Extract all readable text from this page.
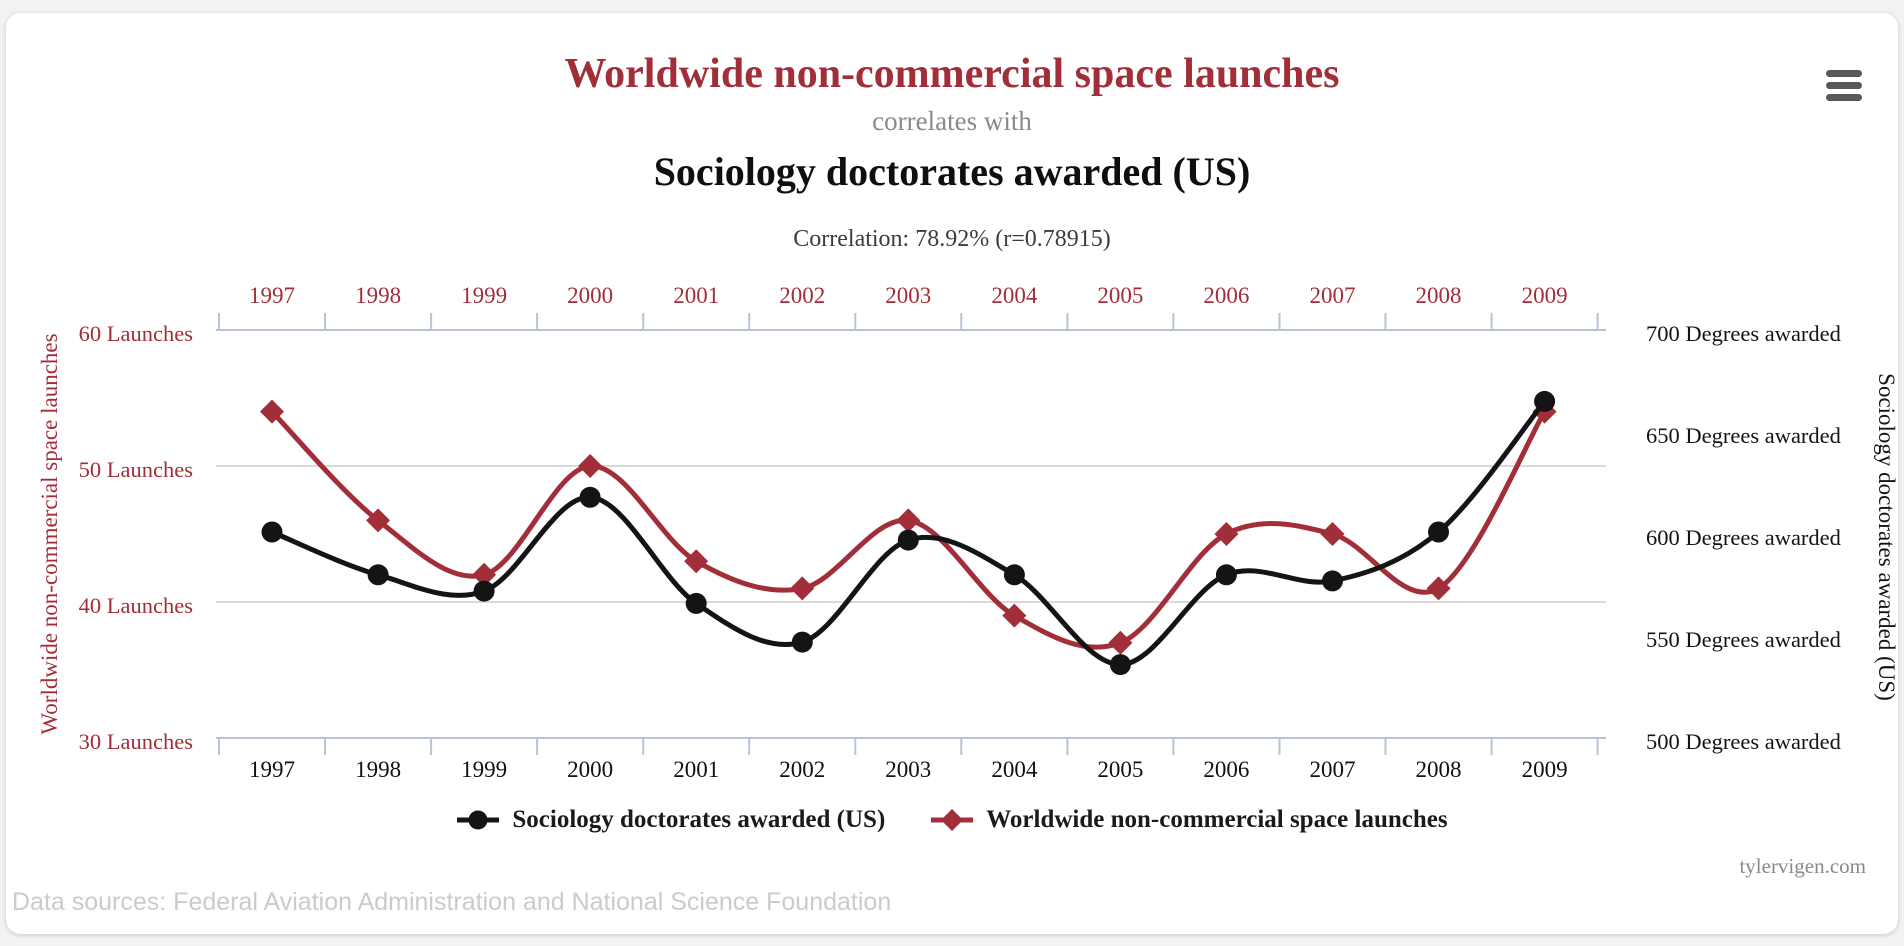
Worldwide non-commercial space launches
correlates with
Sociology doctorates awarded (US)
Correlation: 78.92% (r=0.78915)
1997
1997
1998
1998
1999
1999
2000
2000
2001
2001
2002
2002
2003
2003
2004
2004
2005
2005
2006
2006
2007
2007
2008
2008
2009
2009
60 Launches
50 Launches
40 Launches
30 Launches
700 Degrees awarded
650 Degrees awarded
600 Degrees awarded
550 Degrees awarded
500 Degrees awarded
Worldwide non-commercial space launches	Sociology doctorates awarded (US)
Sociology doctorates awarded (US)	Worldwide non-commercial space launches
tylervigen.com
Data sources: Federal Aviation Administration and National Science Foundation
